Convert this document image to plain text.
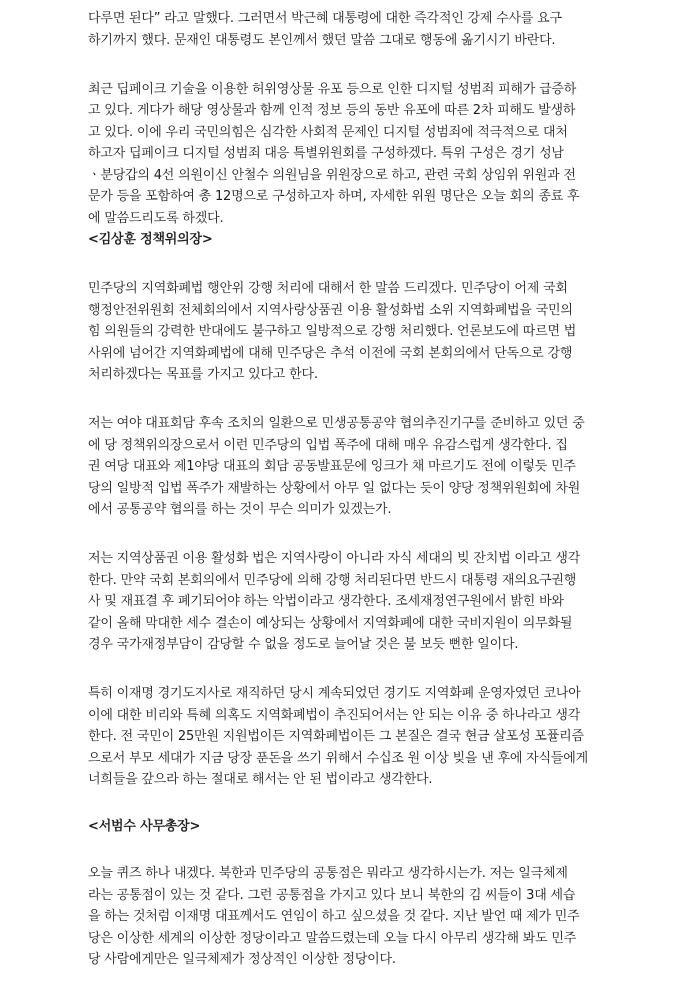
다루면 된다” 라고 말했다. 그러면서 박근혜 대통령에 대한 즉각적인 강제 수사를 요구
하기까지 했다. 문재인 대통령도 본인께서 했던 말씀 그대로 행동에 옮기시기 바란다.
최근 딥페이크 기술을 이용한 허위영상물 유포 등으로 인한 디지털 성범죄 피해가 급증하
고 있다. 게다가 해당 영상물과 함께 인적 정보 등의 동반 유포에 따른 2차 피해도 발생하
고 있다. 이에 우리 국민의힘은 심각한 사회적 문제인 디지털 성범죄에 적극적으로 대처
하고자 딥페이크 디지털 성범죄 대응 특별위원회를 구성하겠다. 특위 구성은 경기 성남
ㆍ분당갑의 4선 의원이신 안철수 의원님을 위원장으로 하고, 관련 국회 상임위 위원과 전
문가 등을 포함하여 총 12명으로 구성하고자 하며, 자세한 위원 명단은 오늘 회의 종료 후
에 말씀드리도록 하겠다.
<김상훈 정책위의장>
민주당의 지역화폐법 행안위 강행 처리에 대해서 한 말씀 드리겠다. 민주당이 어제 국회
행정안전위원회 전체회의에서 지역사랑상품권 이용 활성화법 소위 지역화폐법을 국민의
힘 의원들의 강력한 반대에도 불구하고 일방적으로 강행 처리했다. 언론보도에 따르면 법
사위에 넘어간 지역화폐법에 대해 민주당은 추석 이전에 국회 본회의에서 단독으로 강행
처리하겠다는 목표를 가지고 있다고 한다.
저는 여야 대표회담 후속 조치의 일환으로 민생공통공약 협의추진기구를 준비하고 있던 중
에 당 정책위의장으로서 이런 민주당의 입법 폭주에 대해 매우 유감스럽게 생각한다. 집
권 여당 대표와 제1야당 대표의 회담 공동발표문에 잉크가 채 마르기도 전에 이렇듯 민주
당의 일방적 입법 폭주가 재발하는 상황에서 아무 일 없다는 듯이 양당 정책위원회에 차원
에서 공통공약 협의를 하는 것이 무슨 의미가 있겠는가.
저는 지역상품권 이용 활성화 법은 지역사랑이 아니라 자식 세대의 빚 잔치법 이라고 생각
한다. 만약 국회 본회의에서 민주당에 의해 강행 처리된다면 반드시 대통령 재의요구권행
사 및 재표결 후 폐기되어야 하는 악법이라고 생각한다. 조세재정연구원에서 밝힌 바와
같이 올해 막대한 세수 결손이 예상되는 상황에서 지역화폐에 대한 국비지원이 의무화될
경우 국가재정부담이 감당할 수 없을 정도로 늘어날 것은 불 보듯 뻔한 일이다.
특히 이재명 경기도지사로 재직하던 당시 계속되었던 경기도 지역화폐 운영자였던 코나아
이에 대한 비리와 특혜 의혹도 지역화폐법이 추진되어서는 안 되는 이유 중 하나라고 생각
한다. 전 국민이 25만원 지원법이든 지역화폐법이든 그 본질은 결국 현금 살포성 포퓰리즘
으로서 부모 세대가 지금 당장 푼돈을 쓰기 위해서 수십조 원 이상 빚을 낸 후에 자식들에게
너희들을 갚으라 하는 절대로 해서는 안 된 법이라고 생각한다.
<서범수 사무총장>
오늘 퀴즈 하나 내겠다. 북한과 민주당의 공통점은 뭐라고 생각하시는가. 저는 일극체제
라는 공통점이 있는 것 같다. 그런 공통점을 가지고 있다 보니 북한의 김 씨들이 3대 세습
을 하는 것처럼 이재명 대표께서도 연임이 하고 싶으셨을 것 같다. 지난 발언 때 제가 민주
당은 이상한 세계의 이상한 정당이라고 말씀드렸는데 오늘 다시 아무리 생각해 봐도 민주
당 사람에게만은 일극체제가 정상적인 이상한 정당이다.
